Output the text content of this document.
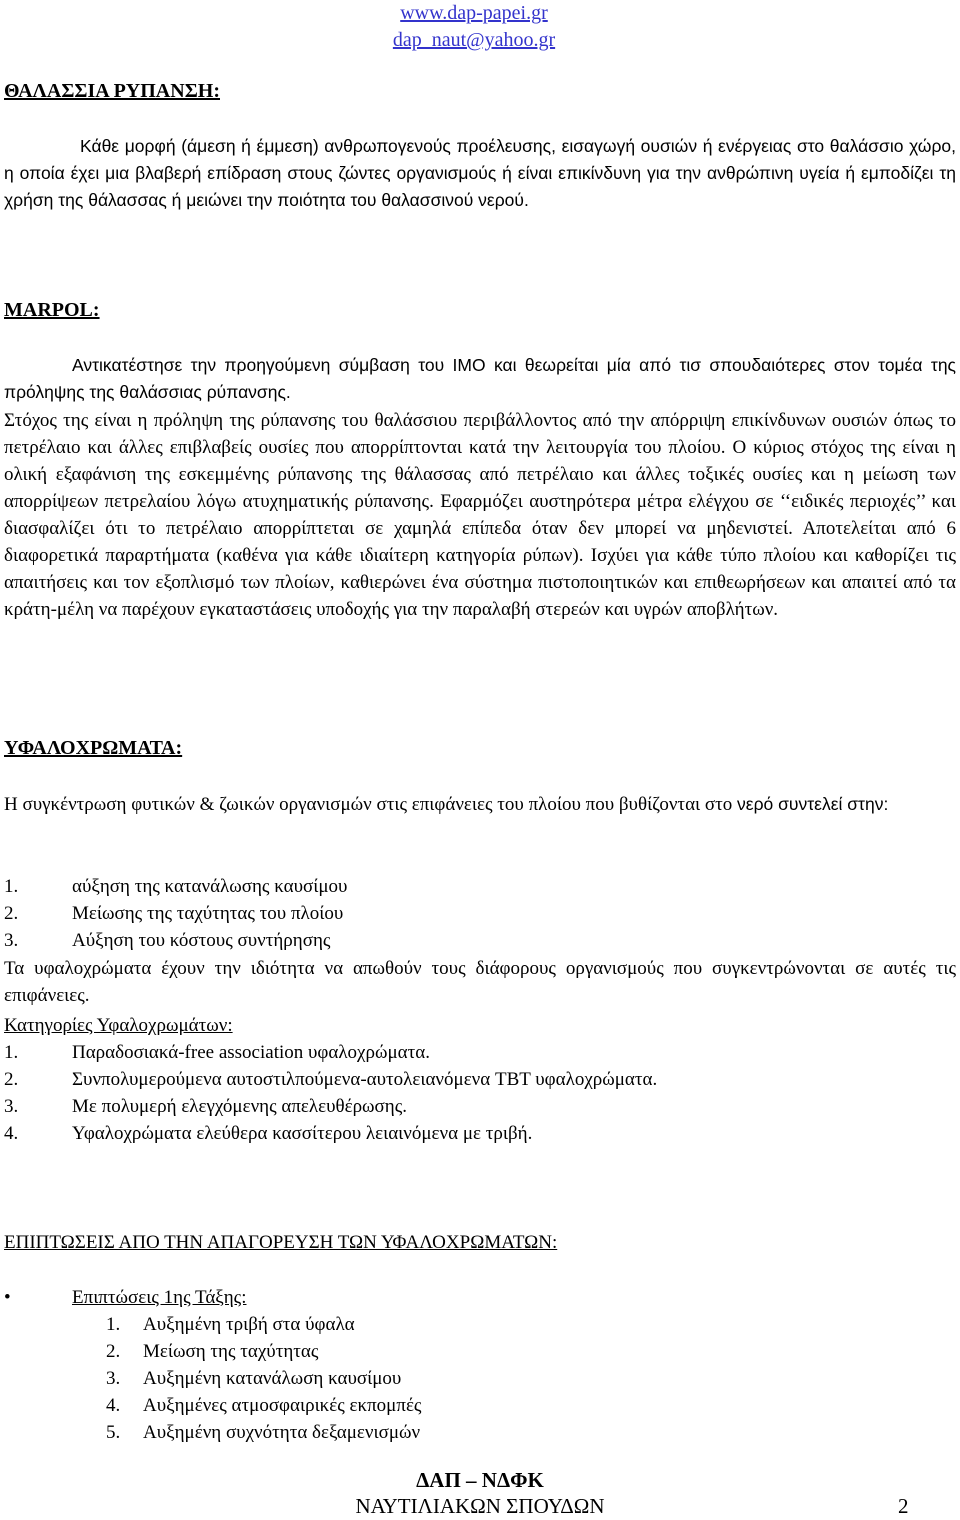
www.dap-papei.gr
dap_naut@yahoo.gr
ΘΑΛΑΣΣΙΑ ΡΥΠΑΝΣΗ:
Κάθε μορφή (άμεση ή έμμεση) ανθρωπογενούς προέλευσης, εισαγωγή ουσιών ή ενέργειας στο θαλάσσιο χώρο, η οποία έχει μια βλαβερή επίδραση στους ζώντες οργανισμούς ή είναι επικίνδυνη για την ανθρώπινη υγεία ή εμποδίζει τη χρήση της θάλασσας ή μειώνει την ποιότητα του θαλασσινού νερού.
MARPOL:
Αντικατέστησε την προηγούμενη σύμβαση του ΙΜΟ και θεωρείται μία από τισ σπουδαιότερες στον τομέα της πρόληψης της θαλάσσιας ρύπανσης.
Στόχος της είναι η πρόληψη της ρύπανσης του θαλάσσιου περιβάλλοντος από την απόρριψη επικίνδυνων ουσιών όπως το πετρέλαιο και άλλες επιβλαβείς ουσίες που απορρίπτονται κατά την λειτουργία του πλοίου. Ο κύριος στόχος της είναι η ολική εξαφάνιση της εσκεμμένης ρύπανσης της θάλασσας από πετρέλαιο και άλλες τοξικές ουσίες και η μείωση των απορρίψεων πετρελαίου λόγω ατυχηματικής ρύπανσης. Εφαρμόζει αυστηρότερα μέτρα ελέγχου σε ‘‘ειδικές περιοχές’’ και διασφαλίζει ότι το πετρέλαιο απορρίπτεται σε χαμηλά επίπεδα όταν δεν μπορεί να μηδενιστεί. Αποτελείται από 6 διαφορετικά παραρτήματα (καθένα για κάθε ιδιαίτερη κατηγορία ρύπων). Ισχύει για κάθε τύπο πλοίου και καθορίζει τις απαιτήσεις και τον εξοπλισμό των πλοίων, καθιερώνει ένα σύστημα πιστοποιητικών και επιθεωρήσεων και απαιτεί από τα κράτη-μέλη να παρέχουν εγκαταστάσεις υποδοχής για την παραλαβή στερεών και υγρών αποβλήτων.
ΥΦΑΛΟΧΡΩΜΑΤΑ:
Η συγκέντρωση φυτικών & ζωικών οργανισμών στις επιφάνειες του πλοίου που βυθίζονται στο νερό συντελεί στην:
1.	αύξηση της κατανάλωσης καυσίμου
2.	Μείωσης της ταχύτητας του πλοίου
3.	Αύξηση του κόστους συντήρησης
Τα υφαλοχρώματα έχουν την ιδιότητα να απωθούν τους διάφορους οργανισμούς που συγκεντρώνονται σε αυτές τις επιφάνειες.
Κατηγορίες Υφαλοχρωμάτων:
1.	Παραδοσιακά-free association υφαλοχρώματα.
2.	Συνπολυμερούμενα αυτοστιλπούμενα-αυτολειανόμενα TBT υφαλοχρώματα.
3.	Με πολυμερή ελεγχόμενης απελευθέρωσης.
4.	Υφαλοχρώματα ελεύθερα κασσίτερου λειαινόμενα με τριβή.
ΕΠΙΠΤΩΣΕΙΣ ΑΠΟ ΤΗΝ ΑΠΑΓΟΡΕΥΣΗ ΤΩΝ ΥΦΑΛΟΧΡΩΜΑΤΩΝ:
•	Επιπτώσεις 1ης Τάξης:
1. Αυξημένη τριβή στα ύφαλα
2. Μείωση της ταχύτητας
3. Αυξημένη κατανάλωση καυσίμου
4. Αυξημένες ατμοσφαιρικές εκπομπές
5. Αυξημένη συχνότητα δεξαμενισμών
ΔΑΠ – ΝΔΦΚ
ΝΑΥΤΙΛΙΑΚΩΝ ΣΠΟΥΔΩΝ	2
